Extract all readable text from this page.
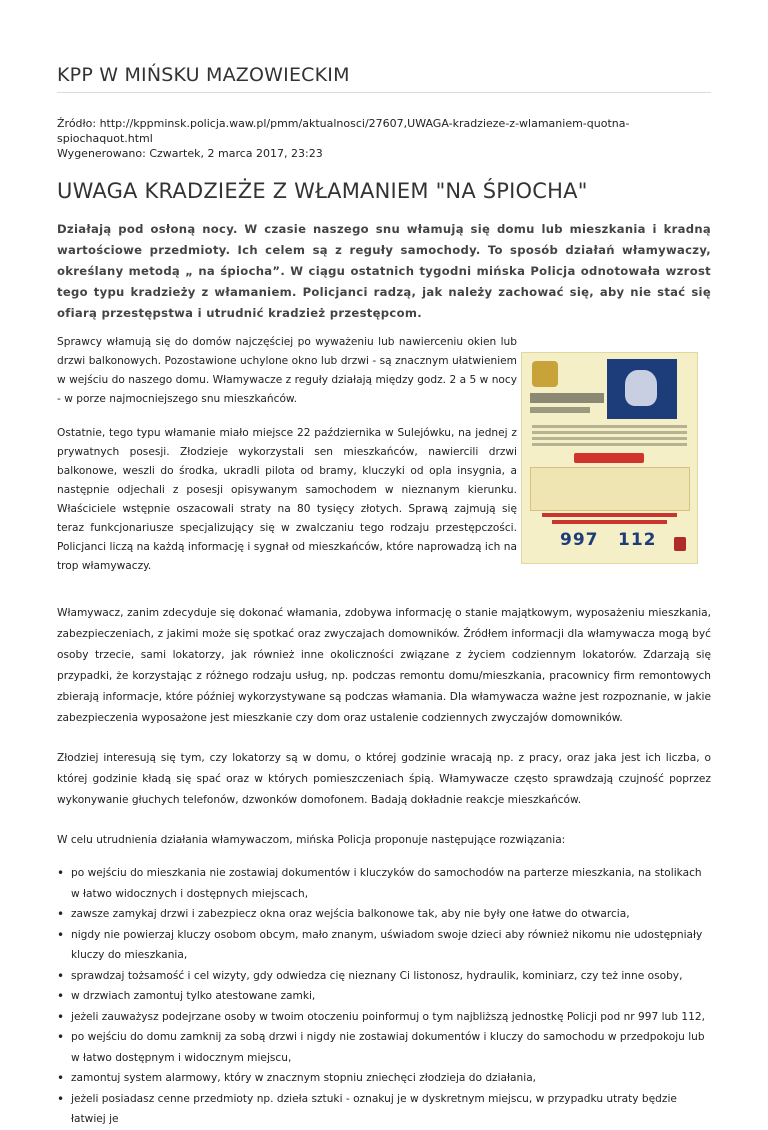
KPP W MIŃSKU MAZOWIECKIM
Źródło: http://kppminsk.policja.waw.pl/pmm/aktualnosci/27607,UWAGA-kradzieze-z-wlamaniem-quotna-spiochaquot.html
Wygenerowano: Czwartek, 2 marca 2017, 23:23
UWAGA KRADZIEŻE Z WŁAMANIEM "NA ŚPIOCHA"
Działają pod osłoną nocy. W czasie naszego snu włamują się domu lub mieszkania i kradną wartościowe przedmioty. Ich celem są z reguły samochody. To sposób działań włamywaczy, określany metodą „ na śpiocha”. W ciągu ostatnich tygodni mińska Policja odnotowała wzrost tego typu kradzieży z włamaniem. Policjanci radzą, jak należy zachować się, aby nie stać się ofiarą przestępstwa i utrudnić kradzież przestępcom.

Sprawcy włamują się do domów najczęściej po wyważeniu lub nawierceniu okien lub drzwi balkonowych. Pozostawione uchylone okno lub drzwi - są znacznym ułatwieniem w wejściu do naszego domu. Włamywacze z reguły działają między godz. 2 a 5 w nocy - w porze najmocniejszego snu mieszkańców.

Ostatnie, tego typu włamanie miało miejsce 22 października w Sulejówku, na jednej z prywatnych posesji. Złodzieje wykorzystali sen mieszkańców, nawiercili drzwi balkonowe, weszli do środka, ukradli pilota od bramy, kluczyki od opla insygnia, a następnie odjechali z posesji opisywanym samochodem w nieznanym kierunku. Właściciele wstępnie oszacowali straty na 80 tysięcy złotych. Sprawą zajmują się teraz funkcjonariusze specjalizujący się w zwalczaniu tego rodzaju przestępczości. Policjanci liczą na każdą informację i sygnał od mieszkańców, które naprowadzą ich na trop włamywaczy.

997 112

Włamywacz, zanim zdecyduje się dokonać włamania, zdobywa informację o stanie majątkowym, wyposażeniu mieszkania, zabezpieczeniach, z jakimi może się spotkać oraz zwyczajach domowników. Źródłem informacji dla włamywacza mogą być osoby trzecie, sami lokatorzy, jak również inne okoliczności związane z życiem codziennym lokatorów. Zdarzają się przypadki, że korzystając z różnego rodzaju usług, np. podczas remontu domu/mieszkania, pracownicy firm remontowych zbierają informacje, które później wykorzystywane są podczas włamania. Dla włamywacza ważne jest rozpoznanie, w jakie zabezpieczenia wyposażone jest mieszkanie czy dom oraz ustalenie codziennych zwyczajów domowników.

Złodziej interesują się tym, czy lokatorzy są w domu, o której godzinie wracają np. z pracy, oraz jaka jest ich liczba, o której godzinie kładą się spać oraz w których pomieszczeniach śpią. Włamywacze często sprawdzają czujność poprzez wykonywanie głuchych telefonów, dzwonków domofonem. Badają dokładnie reakcje mieszkańców.

W celu utrudnienia działania włamywaczom, mińska Policja proponuje następujące rozwiązania:

• po wejściu do mieszkania nie zostawiaj dokumentów i kluczyków do samochodów na parterze mieszkania, na stolikach w łatwo widocznych i dostępnych miejscach,
• zawsze zamykaj drzwi i zabezpiecz okna oraz wejścia balkonowe tak, aby nie były one łatwe do otwarcia,
• nigdy nie powierzaj kluczy osobom obcym, mało znanym, uświadom swoje dzieci aby również nikomu nie udostępniały kluczy do mieszkania,
• sprawdzaj tożsamość i cel wizyty, gdy odwiedza cię nieznany Ci listonosz, hydraulik, kominiarz, czy też inne osoby,
• w drzwiach zamontuj tylko atestowane zamki,
• jeżeli zauważysz podejrzane osoby w twoim otoczeniu poinformuj o tym najbliższą jednostkę Policji pod nr 997 lub 112,
• po wejściu do domu zamknij za sobą drzwi i nigdy nie zostawiaj dokumentów i kluczy do samochodu w przedpokoju lub w łatwo dostępnym i widocznym miejscu,
• zamontuj system alarmowy, który w znacznym stopniu zniechęci złodzieja do działania,
• jeżeli posiadasz cenne przedmioty np. dzieła sztuki - oznakuj je w dyskretnym miejscu, w przypadku utraty będzie łatwiej je
